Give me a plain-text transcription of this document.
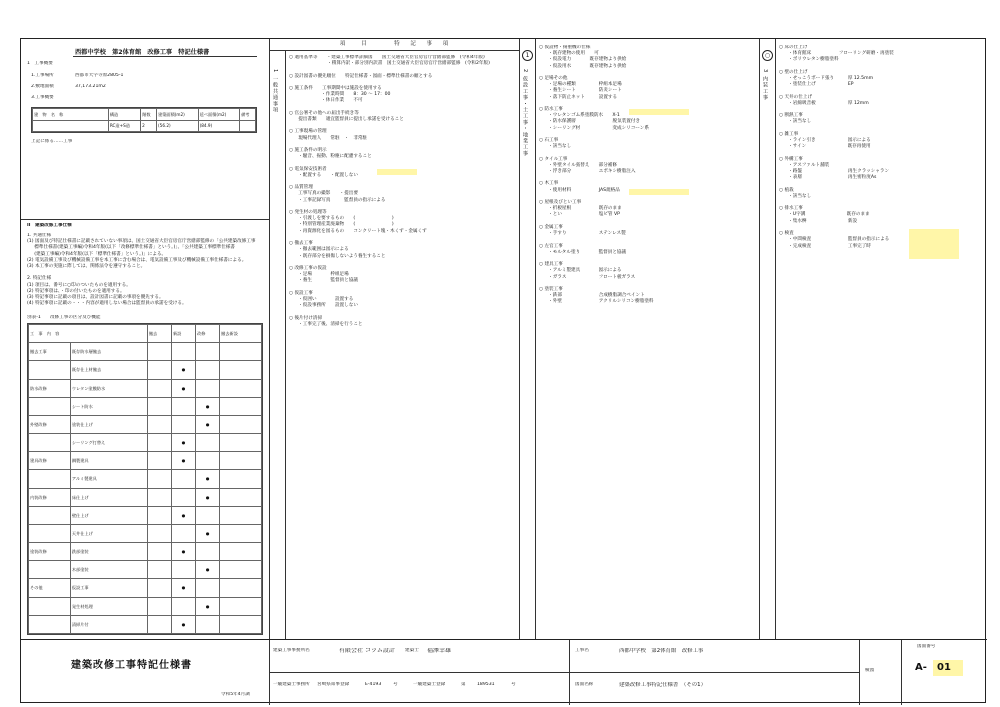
西都中学校　第2体育館　改修工事　特記仕様書
1　工事概要
1.工事場所	西都市大字寺原2805-1
2.敷地面積	37,173.21m2
3.工事概要
建　物　名　称	構造	階数	建築面積(m2)	延べ面積(m2)	備考
	RC造+S造	2	(56.2)	(84.9)	
上記に係る……工事
II　建築改修工事仕様
1. 共通仕様
(1) 図面及び特記仕様書に記載されていない事項は、国土交通省大臣官房官庁営繕部監修の「公共建築改修工事
標準仕様書(建築工事編)令和4年版(以下「改修標準仕様書」という。)」、「公共建築工事標準仕様書
(建築工事編)令和4年版(以下「標準仕様書」という。)」による。
(2) 電気設備工事及び機械設備工事を本工事に含む場合は、電気設備工事及び機械設備工事仕様書による。
(3) 本工事の実施に際しては、関係法令を遵守すること。

2. 特記仕様
(1) 項目は、番号に○印のついたものを適用する。
(2) 特記事項は、・印の付いたものを適用する。
(3) 特記事項に記載の項目は、設計図書に記載の事項を優先する。
(4) 特記事項に記載の・・・内容が適用しない場合は監督員の承諾を受ける。
別表-1　　改修工事の区分及び機能
工　事　内　容		撤去	新設	改修	撤去新設
撤去工事	既存防水層撤去				
	既存仕上材撤去		●		
防水改修	ウレタン塗膜防水		●		
	シート防水			●	
外壁改修	塗装仕上げ			●	
	シーリング打替え		●		
建具改修	鋼製建具		●		
	アルミ製建具			●	
内装改修	床仕上げ			●	
	壁仕上げ		●		
	天井仕上げ			●	
塗装改修	鉄部塗装		●		
	木部塗装			●	
その他	仮設工事		●		
	発生材処理			●	
	清掃片付		●		
項　　　目	特　　記　　事　　項
1 一般共通事項
○ 適用基準等　　・建築工事標準詳細図　　国土交通省大臣官房官庁営繕部監修　(令和4年版)
　　　　　　　　 ・積算内訳・部分別内訳書　国土交通省大臣官房官庁営繕部監修　(令和2年版)

○ 設計図書の優先順位　　特記仕様書・図面・標準仕様書の順とする

○ 施工条件　　工事期間中は施設を使用する
　　　　　　　・作業時間　　8：30 ～ 17：00
　　　　　　　・休日作業　　不可

○ 官公署その他への届出手続き等
　　提出書類　　適宜監督員に提出し承諾を受けること

○ 工事現場の管理
　　現場代理人　　常駐　・　非常駐

○ 施工条件の明示
　　・騒音、振動、粉塵に配慮すること

○ 電気保安技術者
　　・配置する　　・配置しない

○ 品質管理
　　工事写真の撮影　　・提出要
　　・工事記録写真　　　監督員の指示による

○ 発生材の処理等
　　・引渡しを要するもの　　(　　　　　　　　)
　　・特別管理産業廃棄物　　(　　　　　　　　)
　　・再資源化を図るもの　　コンクリート塊・木くず・金属くず

○ 撤去工事
　　・撤去範囲は図示による
　　・既存部分を損傷しないよう養生すること

○ 改修工事の仮設
　　・足場　　　　枠組足場
　　・養生　　　　監督員と協議

○ 仮設工事
　　・仮囲い　　　　設置する
　　・仮設事務所　　設置しない

○ 後片付け清掃
　　・工事完了後、清掃を行うこと
1
2 仮設工事・土工事・地業工事
○ 仮設物・揚重機の仕様
　　・既存建物の使用　　可
　　・仮設電力　　　　既存建物より供給
　　・仮設用水　　　　既存建物より供給

○ 足場その他
　　・足場の種類　　　　　枠組本足場
　　・養生シート　　　　　防炎シート
　　・落下防止ネット　　　設置する

○ 防水工事
　　・ウレタンゴム系塗膜防水　　X-1
　　・防水保護層　　　　　　　　脱気装置付き
　　・シーリング材　　　　　　　変成シリコーン系

○ 石工事
　　・該当なし

○ タイル工事
　　・外壁タイル張替え　　部分補修
　　・浮き部分　　　　　　エポキシ樹脂注入

○ 木工事
　　・使用材料　　　　　　JAS規格品

○ 屋根及びとい工事
　　・折板屋根　　　　　　既存のまま
　　・とい　　　　　　　　塩ビ管 VP

○ 金属工事
　　・手すり　　　　　　　ステンレス製

○ 左官工事
　　・モルタル塗り　　　　監督員と協議

○ 建具工事
　　・アルミ製建具　　　　図示による
　　・ガラス　　　　　　　フロート板ガラス

○ 塗装工事
　　・鉄部　　　　　　　　合成樹脂調合ペイント
　　・外壁　　　　　　　　アクリルシリコン樹脂塗料
○
3 内装工事
○ 床の仕上げ
　　・体育館床　　　　　　フローリング研磨・再塗装
　　・ポリウレタン樹脂塗料

○ 壁の仕上げ
　　・せっこうボード張り　　　厚 12.5mm
　　・塗装仕上げ　　　　　　　EP

○ 天井の仕上げ
　　・岩綿吸音板　　　　　　　厚 12mm

○ 断熱工事
　　・該当なし

○ 雑工事
　　・ライン引き　　　　　　　図示による
　　・サイン　　　　　　　　　既存再使用

○ 外構工事
　　・アスファルト舗装
　　・路盤　　　　　　　　　　再生クラッシャラン
　　・表層　　　　　　　　　　再生密粒度As

○ 植栽
　　・該当なし

○ 排水工事
　　・U字溝　　　　　　　　　既存のまま
　　・集水桝　　　　　　　　　新設

○ 検査
　　・中間検査　　　　　　　　監督員の指示による
　　・完成検査　　　　　　　　工事完了時
建築改修工事特記仕様書
令和5年4月調
建築工事事務所名	有限会社 コラム設計 建築士 福澤幸雄
一級建築士事務所 宮崎県知事登録	E-4193	号	一級建築士登録	第 189531	号
工事名	西都中学校　第2体育館　改修工事
図面名称	建築改修工事特記仕様書　（その1）
検図
図面番号
A- 01
